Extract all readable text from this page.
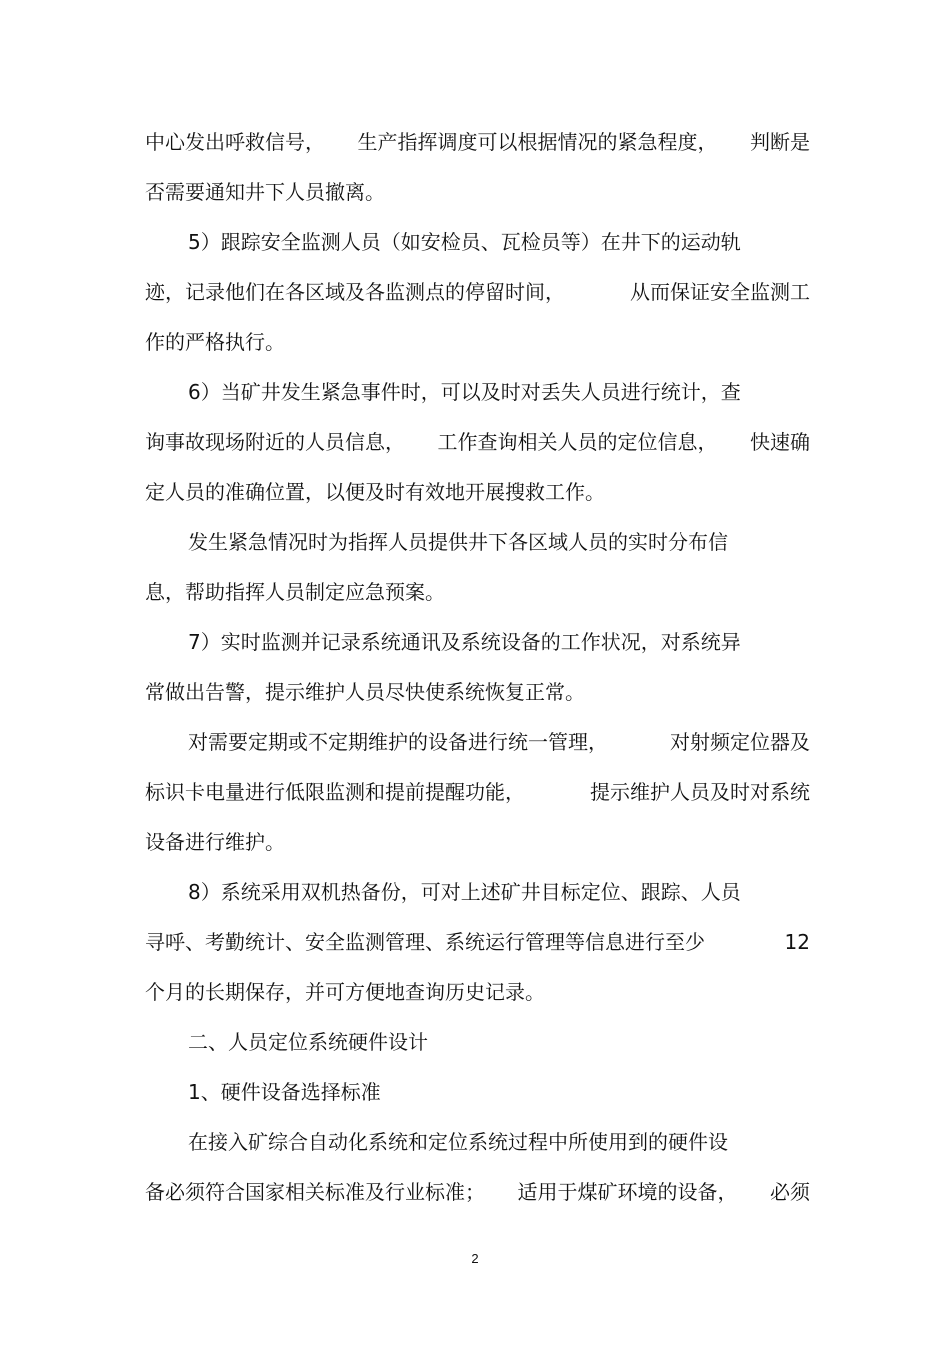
中心发出呼救信号， 生产指挥调度可以根据情况的紧急程度， 判断是
否需要通知井下人员撤离。
5）跟踪安全监测人员（如安检员、瓦检员等）在井下的运动轨
迹，记录他们在各区域及各监测点的停留时间，	从而保证安全监测工
作的严格执行。
6）当矿井发生紧急事件时，可以及时对丢失人员进行统计，查
询事故现场附近的人员信息， 工作查询相关人员的定位信息， 快速确
定人员的准确位置，以便及时有效地开展搜救工作。
发生紧急情况时为指挥人员提供井下各区域人员的实时分布信
息，帮助指挥人员制定应急预案。
7）实时监测并记录系统通讯及系统设备的工作状况，对系统异
常做出告警，提示维护人员尽快使系统恢复正常。
对需要定期或不定期维护的设备进行统一管理，	对射频定位器及
标识卡电量进行低限监测和提前提醒功能，	提示维护人员及时对系统
设备进行维护。
8）系统采用双机热备份，可对上述矿井目标定位、跟踪、人员
寻呼、考勤统计、安全监测管理、系统运行管理等信息进行至少	12
个月的长期保存，并可方便地查询历史记录。
二、人员定位系统硬件设计
1、硬件设备选择标准
在接入矿综合自动化系统和定位系统过程中所使用到的硬件设
备必须符合国家相关标准及行业标准； 适用于煤矿环境的设备， 必须
2
